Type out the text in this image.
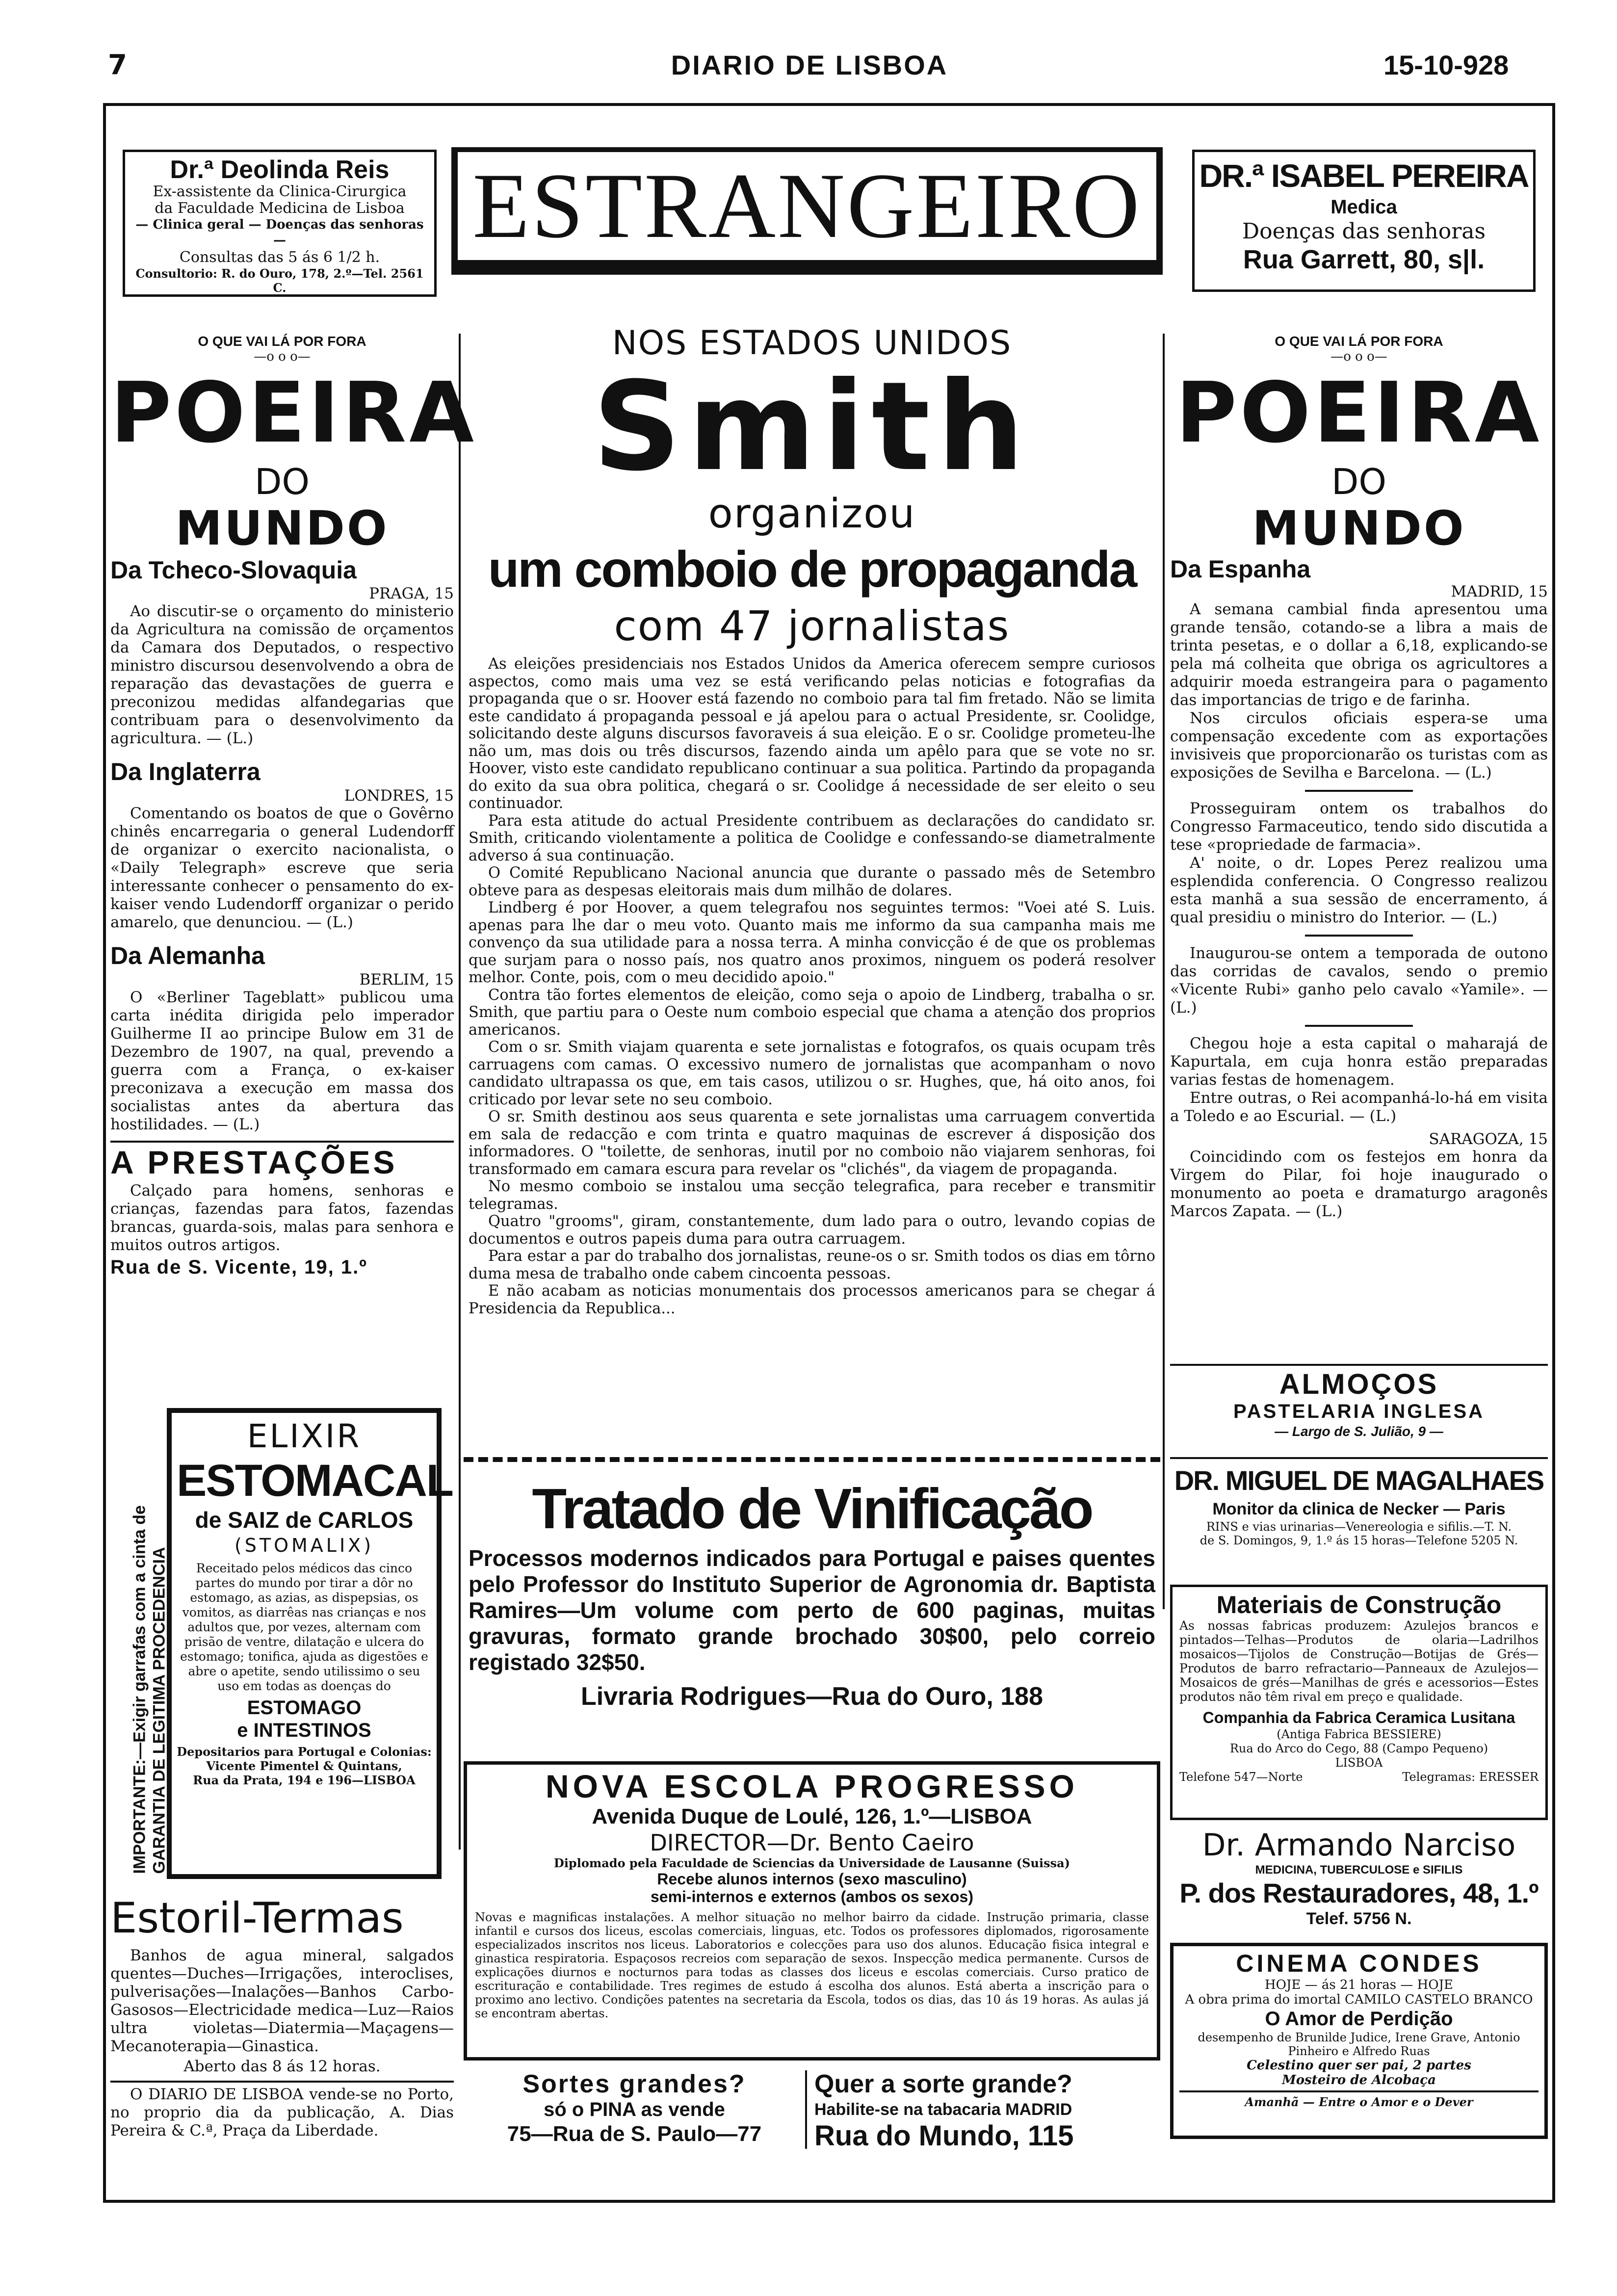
7	DIARIO DE LISBOA	15-10-928
Dr.ª Deolinda Reis
Ex-assistente da Clinica-Cirurgica
da Faculdade Medicina de Lisboa
— Clinica geral — Doenças das senhoras —
Consultas das 5 ás 6 1/2 h.
Consultorio: R. do Ouro, 178, 2.º—Tel. 2561 C.
ESTRANGEIRO	DR.ª ISABEL PEREIRA
Medica
Doenças das senhoras
Rua Garrett, 80, s|l.
O QUE VAI LÁ POR FORA
—o o o—
POEIRA
DO
MUNDO
Da Tcheco-Slovaquia
PRAGA, 15

Ao discutir-se o orçamento do ministerio da Agricultura na comissão de orçamentos da Camara dos Deputados, o respectivo ministro discursou desenvolvendo a obra de reparação das devastações de guerra e preconizou medidas alfandegarias que contribuam para o desenvolvimento da agricultura. — (L.)

Da Inglaterra
LONDRES, 15

Comentando os boatos de que o Govêrno chinês encarregaria o general Ludendorff de organizar o exercito nacionalista, o «Daily Telegraph» escreve que seria interessante conhecer o pensamento do ex-kaiser vendo Ludendorff organizar o perido amarelo, que denunciou. — (L.)

Da Alemanha
BERLIM, 15

O «Berliner Tageblatt» publicou uma carta inédita dirigida pelo imperador Guilherme II ao principe Bulow em 31 de Dezembro de 1907, na qual, prevendo a guerra com a França, o ex-kaiser preconizava a execução em massa dos socialistas antes da abertura das hostilidades. — (L.)

A PRESTAÇÕES

Calçado para homens, senhoras e crianças, fazendas para fatos, fazendas brancas, guarda-sois, malas para senhora e muitos outros artigos.

Rua de S. Vicente, 19, 1.º
IMPORTANTE:—Exigir garrafas com a cinta de GARANTIA DE LEGITIMA PROCEDENCIA
ELIXIR
ESTOMACAL
de SAIZ de CARLOS
(STOMALIX)
Receitado pelos médicos das cinco partes do mundo por tirar a dôr no estomago, as azias, as dispepsias, os vomitos, as diarrêas nas crianças e nos adultos que, por vezes, alternam com prisão de ventre, dilatação e ulcera do estomago; tonifica, ajuda as digestões e abre o apetite, sendo utilissimo o seu uso em todas as doenças do
ESTOMAGO
e INTESTINOS
Depositarios para Portugal e Colonias:
Vicente Pimentel & Quintans,
Rua da Prata, 194 e 196—LISBOA
Estoril-Termas

Banhos de agua mineral, salgados quentes—Duches—Irrigações, interoclises, pulverisações—Inalações—Banhos Carbo-Gasosos—Electricidade medica—Luz—Raios ultra violetas—Diatermia—Maçagens—Mecanoterapia—Ginastica.

Aberto das 8 ás 12 horas.

O DIARIO DE LISBOA vende-se no Porto, no proprio dia da publicação, A. Dias Pereira & C.ª, Praça da Liberdade.

NOS ESTADOS UNIDOS
Smith
organizou
um comboio de propaganda
com 47 jornalistas

As eleições presidenciais nos Estados Unidos da America oferecem sempre curiosos aspectos, como mais uma vez se está verificando pelas noticias e fotografias da propaganda que o sr. Hoover está fazendo no comboio para tal fim fretado. Não se limita este candidato á propaganda pessoal e já apelou para o actual Presidente, sr. Coolidge, solicitando deste alguns discursos favoraveis á sua eleição. E o sr. Coolidge prometeu-lhe não um, mas dois ou três discursos, fazendo ainda um apêlo para que se vote no sr. Hoover, visto este candidato republicano continuar a sua politica. Partindo da propaganda do exito da sua obra politica, chegará o sr. Coolidge á necessidade de ser eleito o seu continuador.

Para esta atitude do actual Presidente contribuem as declarações do candidato sr. Smith, criticando violentamente a politica de Coolidge e confessando-se diametralmente adverso á sua continuação.

O Comité Republicano Nacional anuncia que durante o passado mês de Setembro obteve para as despesas eleitorais mais dum milhão de dolares.

Lindberg é por Hoover, a quem telegrafou nos seguintes termos: "Voei até S. Luis. apenas para lhe dar o meu voto. Quanto mais me informo da sua campanha mais me convenço da sua utilidade para a nossa terra. A minha convicção é de que os problemas que surjam para o nosso país, nos quatro anos proximos, ninguem os poderá resolver melhor. Conte, pois, com o meu decidido apoio."

Contra tão fortes elementos de eleição, como seja o apoio de Lindberg, trabalha o sr. Smith, que partiu para o Oeste num comboio especial que chama a atenção dos proprios americanos.

Com o sr. Smith viajam quarenta e sete jornalistas e fotografos, os quais ocupam três carruagens com camas. O excessivo numero de jornalistas que acompanham o novo candidato ultrapassa os que, em tais casos, utilizou o sr. Hughes, que, há oito anos, foi criticado por levar sete no seu comboio.

O sr. Smith destinou aos seus quarenta e sete jornalistas uma carruagem convertida em sala de redacção e com trinta e quatro maquinas de escrever á disposição dos informadores. O "toilette, de senhoras, inutil por no comboio não viajarem senhoras, foi transformado em camara escura para revelar os "clichés", da viagem de propaganda.

No mesmo comboio se instalou uma secção telegrafica, para receber e transmitir telegramas.

Quatro "grooms", giram, constantemente, dum lado para o outro, levando copias de documentos e outros papeis duma para outra carruagem.

Para estar a par do trabalho dos jornalistas, reune-os o sr. Smith todos os dias em tôrno duma mesa de trabalho onde cabem cincoenta pessoas.

E não acabam as noticias monumentais dos processos americanos para se chegar á Presidencia da Republica...

Tratado de Vinificação
Processos modernos indicados para Portugal e paises quentes pelo Professor do Instituto Superior de Agronomia dr. Baptista Ramires—Um volume com perto de 600 paginas, muitas gravuras, formato grande brochado 30$00, pelo correio registado 32$50.
Livraria Rodrigues—Rua do Ouro, 188
NOVA ESCOLA PROGRESSO
Avenida Duque de Loulé, 126, 1.º—LISBOA
DIRECTOR—Dr. Bento Caeiro
Diplomado pela Faculdade de Sciencias da Universidade de Lausanne (Suissa)
Recebe alunos internos (sexo masculino)
semi-internos e externos (ambos os sexos)
Novas e magnificas instalações. A melhor situação no melhor bairro da cidade. Instrução primaria, classe infantil e cursos dos liceus, escolas comerciais, linguas, etc. Todos os professores diplomados, rigorosamente especializados inscritos nos liceus. Laboratorios e colecções para uso dos alunos. Educação fisica integral e ginastica respiratoria. Espaçosos recreios com separação de sexos. Inspecção medica permanente. Cursos de explicações diurnos e nocturnos para todas as classes dos liceus e escolas comerciais. Curso pratico de escrituração e contabilidade. Tres regimes de estudo á escolha dos alunos. Está aberta a inscrição para o proximo ano lectivo. Condições patentes na secretaria da Escola, todos os dias, das 10 ás 19 horas. As aulas já se encontram abertas.
Sortes grandes?
só o PINA as vende
75—Rua de S. Paulo—77
Quer a sorte grande?
Habilite-se na tabacaria MADRID
Rua do Mundo, 115
O QUE VAI LÁ POR FORA
—o o o—
POEIRA
DO
MUNDO
Da Espanha
MADRID, 15

A semana cambial finda apresentou uma grande tensão, cotando-se a libra a mais de trinta pesetas, e o dollar a 6,18, explicando-se pela má colheita que obriga os agricultores a adquirir moeda estrangeira para o pagamento das importancias de trigo e de farinha.

Nos circulos oficiais espera-se uma compensação excedente com as exportações invisiveis que proporcionarão os turistas com as exposições de Sevilha e Barcelona. — (L.)

Prosseguiram ontem os trabalhos do Congresso Farmaceutico, tendo sido discutida a tese «propriedade de farmacia».

A' noite, o dr. Lopes Perez realizou uma esplendida conferencia. O Congresso realizou esta manhã a sua sessão de encerramento, á qual presidiu o ministro do Interior. — (L.)

Inaugurou-se ontem a temporada de outono das corridas de cavalos, sendo o premio «Vicente Rubi» ganho pelo cavalo «Yamile». — (L.)

Chegou hoje a esta capital o maharajá de Kapurtala, em cuja honra estão preparadas varias festas de homenagem.

Entre outras, o Rei acompanhá-lo-há em visita a Toledo e ao Escurial. — (L.)

SARAGOZA, 15

Coincidindo com os festejos em honra da Virgem do Pilar, foi hoje inaugurado o monumento ao poeta e dramaturgo aragonês Marcos Zapata. — (L.)

ALMOÇOS
PASTELARIA INGLESA
— Largo de S. Julião, 9 —
DR. MIGUEL DE MAGALHAES
Monitor da clinica de Necker — Paris
RINS e vias urinarias—Venereologia e sifilis.—T. N. de S. Domingos, 9, 1.º ás 15 horas—Telefone 5205 N.
Materiais de Construção
As nossas fabricas produzem: Azulejos brancos e pintados—Telhas—Produtos de olaria—Ladrilhos mosaicos—Tijolos de Construção—Botijas de Grés—Produtos de barro refractario—Panneaux de Azulejos—Mosaicos de grés—Manilhas de grés e acessorios—Estes produtos não têm rival em preço e qualidade.
Companhia da Fabrica Ceramica Lusitana
(Antiga Fabrica BESSIERE)
Rua do Arco do Cego, 88 (Campo Pequeno)
LISBOA
Telefone 547—Norte	Telegramas: ERESSER
Dr. Armando Narciso
MEDICINA, TUBERCULOSE e SIFILIS
P. dos Restauradores, 48, 1.º
Telef. 5756 N.
CINEMA CONDES
HOJE — ás 21 horas — HOJE
A obra prima do imortal CAMILO CASTELO BRANCO
O Amor de Perdição
desempenho de Brunilde Judice, Irene Grave, Antonio Pinheiro e Alfredo Ruas
Celestino quer ser pai, 2 partes
Mosteiro de Alcobaça
Amanhã — Entre o Amor e o Dever
